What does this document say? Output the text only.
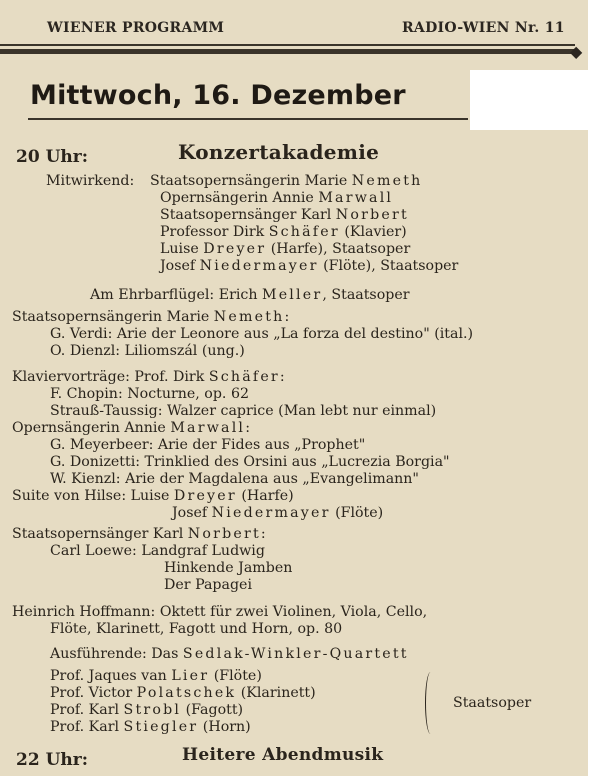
WIENER PROGRAMM	RADIO-WIEN Nr. 11
◆
Mittwoch, 16. Dezember
20 Uhr:	Konzertakademie
Mitwirkend: Staatsopernsängerin Marie Nemeth
Opernsängerin Annie Marwall
Staatsopernsänger Karl Norbert
Professor Dirk Schäfer (Klavier)
Luise Dreyer (Harfe), Staatsoper
Josef Niedermayer (Flöte), Staatsoper
Am Ehrbarflügel: Erich Meller, Staatsoper
Staatsopernsängerin Marie Nemeth:
G. Verdi: Arie der Leonore aus „La forza del destino" (ital.)
O. Dienzl: Liliomszál (ung.)
Klaviervorträge: Prof. Dirk Schäfer:
F. Chopin: Nocturne, op. 62
Strauß-Taussig: Walzer caprice (Man lebt nur einmal)
Opernsängerin Annie Marwall:
G. Meyerbeer: Arie der Fides aus „Prophet"
G. Donizetti: Trinklied des Orsini aus „Lucrezia Borgia"
W. Kienzl: Arie der Magdalena aus „Evangelimann"
Suite von Hilse: Luise Dreyer (Harfe)
Josef Niedermayer (Flöte)
Staatsopernsänger Karl Norbert:
Carl Loewe: Landgraf Ludwig
Hinkende Jamben
Der Papagei
Heinrich Hoffmann: Oktett für zwei Violinen, Viola, Cello,
Flöte, Klarinett, Fagott und Horn, op. 80
Ausführende: Das Sedlak-Winkler-Quartett
Prof. Jaques van Lier (Flöte)
Prof. Victor Polatschek (Klarinett)
Prof. Karl Strobl (Fagott)
Prof. Karl Stiegler (Horn)
Staatsoper
22 Uhr:	Heitere Abendmusik
